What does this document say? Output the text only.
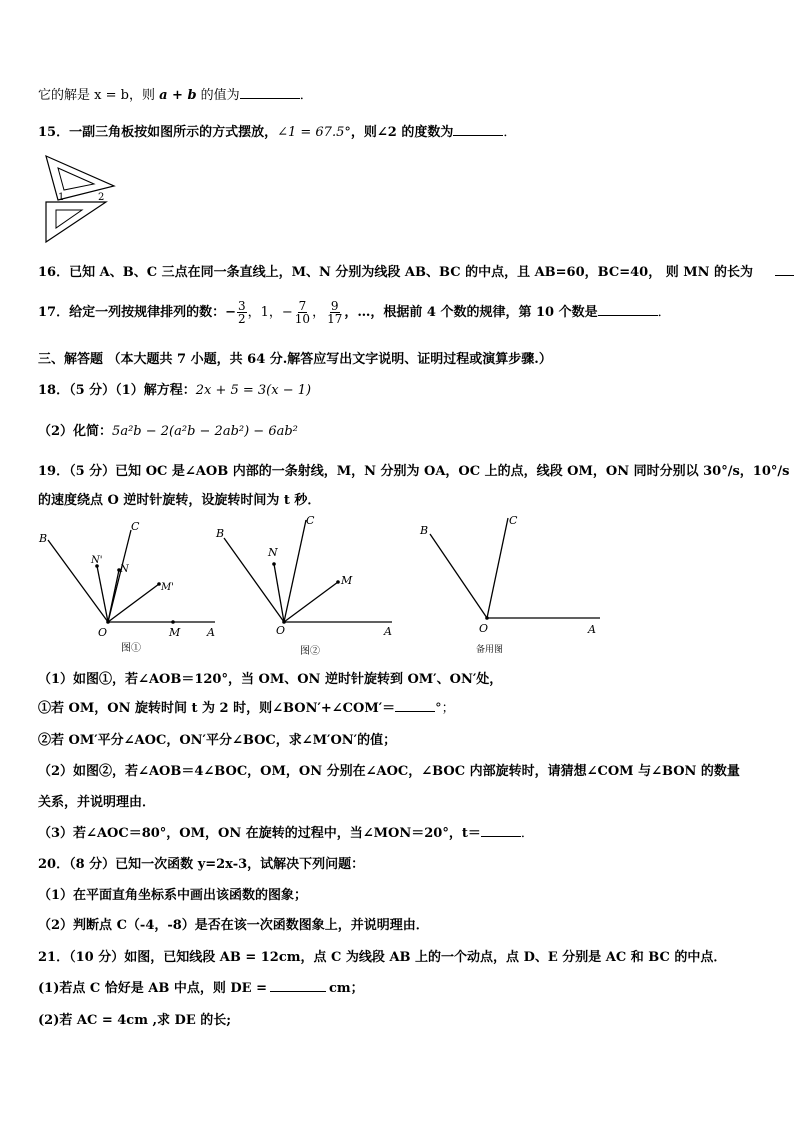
它的解是 x = b，则 a + b 的值为	．
15．一副三角板按如图所示的方式摆放，∠1 = 67.5°，则∠2 的度数为	．
1	2
16．已知 A、B、C 三点在同一条直线上，M、N 分别为线段 AB、BC 的中点，且 AB=60，BC=40， 则 MN 的长为
17．给定一列按规律排列的数：− $\frac{3}{2}$ ，1，− $\frac{7}{10}$ ， $\frac{9}{17}$ ，…，根据前 4 个数的规律，第 10 个数是	．
三、解答题 （本大题共 7 小题，共 64 分.解答应写出文字说明、证明过程或演算步骤.）
18．（5 分）（1）解方程：2x + 5 = 3(x − 1)
（2）化简：5a²b − 2(a²b − 2ab²) − 6ab²
19．（5 分）已知 OC 是∠AOB 内部的一条射线，M，N 分别为 OA，OC 上的点，线段 OM，ON 同时分别以 30°/s，10°/s
的速度绕点 O 逆时针旋转，设旋转时间为 t 秒．
B
C
N'
N
M'
O	M A
图①
B
C
N
M
O	A
图②
B
C
O	A
备用图
（1）如图①，若∠AOB＝120°，当 OM、ON 逆时针旋转到 OM′、ON′处，
①若 OM，ON 旋转时间 t 为 2 时，则∠BON′+∠COM′＝	°；
②若 OM′平分∠AOC，ON′平分∠BOC，求∠M′ON′的值；
（2）如图②，若∠AOB＝4∠BOC，OM，ON 分别在∠AOC，∠BOC 内部旋转时，请猜想∠COM 与∠BON 的数量
关系，并说明理由．
（3）若∠AOC＝80°，OM，ON 在旋转的过程中，当∠MON＝20°，t＝	．
20．（8 分）已知一次函数 y=2x-3，试解决下列问题：
（1）在平面直角坐标系中画出该函数的图象；
（2）判断点 C（-4，-8）是否在该一次函数图象上，并说明理由．
21．（10 分）如图，已知线段 AB = 12cm，点 C 为线段 AB 上的一个动点，点 D、E 分别是 AC 和 BC 的中点．
(1)若点 C 恰好是 AB 中点，则 DE =	cm；
(2)若 AC = 4cm ,求 DE 的长;
